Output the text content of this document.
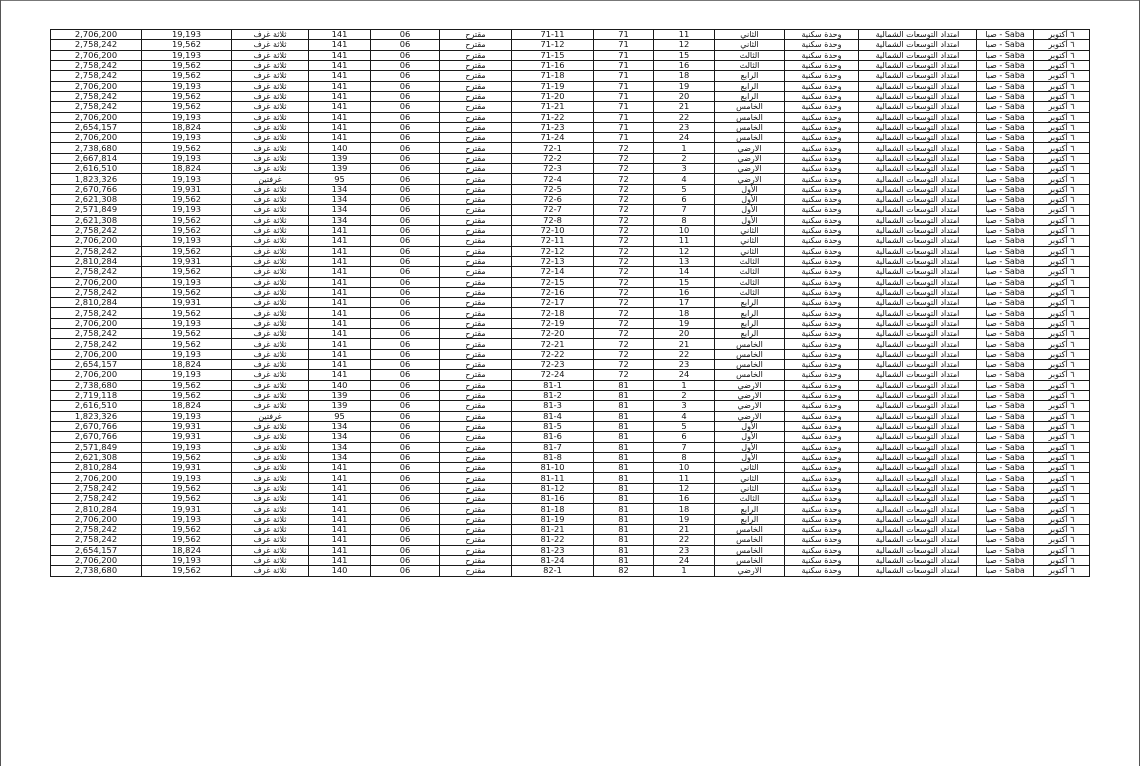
2,706,200	19,193	ثلاثة غرف	141	06	مقترح	71-11	71	11	الثاني	وحدة سكنية	امتداد التوسعات الشمالية	صبا - Saba	٦ أكتوبر
2,758,242	19,562	ثلاثة غرف	141	06	مقترح	71-12	71	12	الثاني	وحدة سكنية	امتداد التوسعات الشمالية	صبا - Saba	٦ أكتوبر
2,706,200	19,193	ثلاثة غرف	141	06	مقترح	71-15	71	15	الثالث	وحدة سكنية	امتداد التوسعات الشمالية	صبا - Saba	٦ أكتوبر
2,758,242	19,562	ثلاثة غرف	141	06	مقترح	71-16	71	16	الثالث	وحدة سكنية	امتداد التوسعات الشمالية	صبا - Saba	٦ أكتوبر
2,758,242	19,562	ثلاثة غرف	141	06	مقترح	71-18	71	18	الرابع	وحدة سكنية	امتداد التوسعات الشمالية	صبا - Saba	٦ أكتوبر
2,706,200	19,193	ثلاثة غرف	141	06	مقترح	71-19	71	19	الرابع	وحدة سكنية	امتداد التوسعات الشمالية	صبا - Saba	٦ أكتوبر
2,758,242	19,562	ثلاثة غرف	141	06	مقترح	71-20	71	20	الرابع	وحدة سكنية	امتداد التوسعات الشمالية	صبا - Saba	٦ أكتوبر
2,758,242	19,562	ثلاثة غرف	141	06	مقترح	71-21	71	21	الخامس	وحدة سكنية	امتداد التوسعات الشمالية	صبا - Saba	٦ أكتوبر
2,706,200	19,193	ثلاثة غرف	141	06	مقترح	71-22	71	22	الخامس	وحدة سكنية	امتداد التوسعات الشمالية	صبا - Saba	٦ أكتوبر
2,654,157	18,824	ثلاثة غرف	141	06	مقترح	71-23	71	23	الخامس	وحدة سكنية	امتداد التوسعات الشمالية	صبا - Saba	٦ أكتوبر
2,706,200	19,193	ثلاثة غرف	141	06	مقترح	71-24	71	24	الخامس	وحدة سكنية	امتداد التوسعات الشمالية	صبا - Saba	٦ أكتوبر
2,738,680	19,562	ثلاثة غرف	140	06	مقترح	72-1	72	1	الارضي	وحدة سكنية	امتداد التوسعات الشمالية	صبا - Saba	٦ أكتوبر
2,667,814	19,193	ثلاثة غرف	139	06	مقترح	72-2	72	2	الارضي	وحدة سكنية	امتداد التوسعات الشمالية	صبا - Saba	٦ أكتوبر
2,616,510	18,824	ثلاثة غرف	139	06	مقترح	72-3	72	3	الارضي	وحدة سكنية	امتداد التوسعات الشمالية	صبا - Saba	٦ أكتوبر
1,823,326	19,193	غرفتين	95	06	مقترح	72-4	72	4	الارضي	وحدة سكنية	امتداد التوسعات الشمالية	صبا - Saba	٦ أكتوبر
2,670,766	19,931	ثلاثة غرف	134	06	مقترح	72-5	72	5	الأول	وحدة سكنية	امتداد التوسعات الشمالية	صبا - Saba	٦ أكتوبر
2,621,308	19,562	ثلاثة غرف	134	06	مقترح	72-6	72	6	الأول	وحدة سكنية	امتداد التوسعات الشمالية	صبا - Saba	٦ أكتوبر
2,571,849	19,193	ثلاثة غرف	134	06	مقترح	72-7	72	7	الأول	وحدة سكنية	امتداد التوسعات الشمالية	صبا - Saba	٦ أكتوبر
2,621,308	19,562	ثلاثة غرف	134	06	مقترح	72-8	72	8	الأول	وحدة سكنية	امتداد التوسعات الشمالية	صبا - Saba	٦ أكتوبر
2,758,242	19,562	ثلاثة غرف	141	06	مقترح	72-10	72	10	الثاني	وحدة سكنية	امتداد التوسعات الشمالية	صبا - Saba	٦ أكتوبر
2,706,200	19,193	ثلاثة غرف	141	06	مقترح	72-11	72	11	الثاني	وحدة سكنية	امتداد التوسعات الشمالية	صبا - Saba	٦ أكتوبر
2,758,242	19,562	ثلاثة غرف	141	06	مقترح	72-12	72	12	الثاني	وحدة سكنية	امتداد التوسعات الشمالية	صبا - Saba	٦ أكتوبر
2,810,284	19,931	ثلاثة غرف	141	06	مقترح	72-13	72	13	الثالث	وحدة سكنية	امتداد التوسعات الشمالية	صبا - Saba	٦ أكتوبر
2,758,242	19,562	ثلاثة غرف	141	06	مقترح	72-14	72	14	الثالث	وحدة سكنية	امتداد التوسعات الشمالية	صبا - Saba	٦ أكتوبر
2,706,200	19,193	ثلاثة غرف	141	06	مقترح	72-15	72	15	الثالث	وحدة سكنية	امتداد التوسعات الشمالية	صبا - Saba	٦ أكتوبر
2,758,242	19,562	ثلاثة غرف	141	06	مقترح	72-16	72	16	الثالث	وحدة سكنية	امتداد التوسعات الشمالية	صبا - Saba	٦ أكتوبر
2,810,284	19,931	ثلاثة غرف	141	06	مقترح	72-17	72	17	الرابع	وحدة سكنية	امتداد التوسعات الشمالية	صبا - Saba	٦ أكتوبر
2,758,242	19,562	ثلاثة غرف	141	06	مقترح	72-18	72	18	الرابع	وحدة سكنية	امتداد التوسعات الشمالية	صبا - Saba	٦ أكتوبر
2,706,200	19,193	ثلاثة غرف	141	06	مقترح	72-19	72	19	الرابع	وحدة سكنية	امتداد التوسعات الشمالية	صبا - Saba	٦ أكتوبر
2,758,242	19,562	ثلاثة غرف	141	06	مقترح	72-20	72	20	الرابع	وحدة سكنية	امتداد التوسعات الشمالية	صبا - Saba	٦ أكتوبر
2,758,242	19,562	ثلاثة غرف	141	06	مقترح	72-21	72	21	الخامس	وحدة سكنية	امتداد التوسعات الشمالية	صبا - Saba	٦ أكتوبر
2,706,200	19,193	ثلاثة غرف	141	06	مقترح	72-22	72	22	الخامس	وحدة سكنية	امتداد التوسعات الشمالية	صبا - Saba	٦ أكتوبر
2,654,157	18,824	ثلاثة غرف	141	06	مقترح	72-23	72	23	الخامس	وحدة سكنية	امتداد التوسعات الشمالية	صبا - Saba	٦ أكتوبر
2,706,200	19,193	ثلاثة غرف	141	06	مقترح	72-24	72	24	الخامس	وحدة سكنية	امتداد التوسعات الشمالية	صبا - Saba	٦ أكتوبر
2,738,680	19,562	ثلاثة غرف	140	06	مقترح	81-1	81	1	الارضي	وحدة سكنية	امتداد التوسعات الشمالية	صبا - Saba	٦ أكتوبر
2,719,118	19,562	ثلاثة غرف	139	06	مقترح	81-2	81	2	الارضي	وحدة سكنية	امتداد التوسعات الشمالية	صبا - Saba	٦ أكتوبر
2,616,510	18,824	ثلاثة غرف	139	06	مقترح	81-3	81	3	الارضي	وحدة سكنية	امتداد التوسعات الشمالية	صبا - Saba	٦ أكتوبر
1,823,326	19,193	غرفتين	95	06	مقترح	81-4	81	4	الارضي	وحدة سكنية	امتداد التوسعات الشمالية	صبا - Saba	٦ أكتوبر
2,670,766	19,931	ثلاثة غرف	134	06	مقترح	81-5	81	5	الأول	وحدة سكنية	امتداد التوسعات الشمالية	صبا - Saba	٦ أكتوبر
2,670,766	19,931	ثلاثة غرف	134	06	مقترح	81-6	81	6	الأول	وحدة سكنية	امتداد التوسعات الشمالية	صبا - Saba	٦ أكتوبر
2,571,849	19,193	ثلاثة غرف	134	06	مقترح	81-7	81	7	الأول	وحدة سكنية	امتداد التوسعات الشمالية	صبا - Saba	٦ أكتوبر
2,621,308	19,562	ثلاثة غرف	134	06	مقترح	81-8	81	8	الأول	وحدة سكنية	امتداد التوسعات الشمالية	صبا - Saba	٦ أكتوبر
2,810,284	19,931	ثلاثة غرف	141	06	مقترح	81-10	81	10	الثاني	وحدة سكنية	امتداد التوسعات الشمالية	صبا - Saba	٦ أكتوبر
2,706,200	19,193	ثلاثة غرف	141	06	مقترح	81-11	81	11	الثاني	وحدة سكنية	امتداد التوسعات الشمالية	صبا - Saba	٦ أكتوبر
2,758,242	19,562	ثلاثة غرف	141	06	مقترح	81-12	81	12	الثاني	وحدة سكنية	امتداد التوسعات الشمالية	صبا - Saba	٦ أكتوبر
2,758,242	19,562	ثلاثة غرف	141	06	مقترح	81-16	81	16	الثالث	وحدة سكنية	امتداد التوسعات الشمالية	صبا - Saba	٦ أكتوبر
2,810,284	19,931	ثلاثة غرف	141	06	مقترح	81-18	81	18	الرابع	وحدة سكنية	امتداد التوسعات الشمالية	صبا - Saba	٦ أكتوبر
2,706,200	19,193	ثلاثة غرف	141	06	مقترح	81-19	81	19	الرابع	وحدة سكنية	امتداد التوسعات الشمالية	صبا - Saba	٦ أكتوبر
2,758,242	19,562	ثلاثة غرف	141	06	مقترح	81-21	81	21	الخامس	وحدة سكنية	امتداد التوسعات الشمالية	صبا - Saba	٦ أكتوبر
2,758,242	19,562	ثلاثة غرف	141	06	مقترح	81-22	81	22	الخامس	وحدة سكنية	امتداد التوسعات الشمالية	صبا - Saba	٦ أكتوبر
2,654,157	18,824	ثلاثة غرف	141	06	مقترح	81-23	81	23	الخامس	وحدة سكنية	امتداد التوسعات الشمالية	صبا - Saba	٦ أكتوبر
2,706,200	19,193	ثلاثة غرف	141	06	مقترح	81-24	81	24	الخامس	وحدة سكنية	امتداد التوسعات الشمالية	صبا - Saba	٦ أكتوبر
2,738,680	19,562	ثلاثة غرف	140	06	مقترح	82-1	82	1	الارضي	وحدة سكنية	امتداد التوسعات الشمالية	صبا - Saba	٦ أكتوبر
